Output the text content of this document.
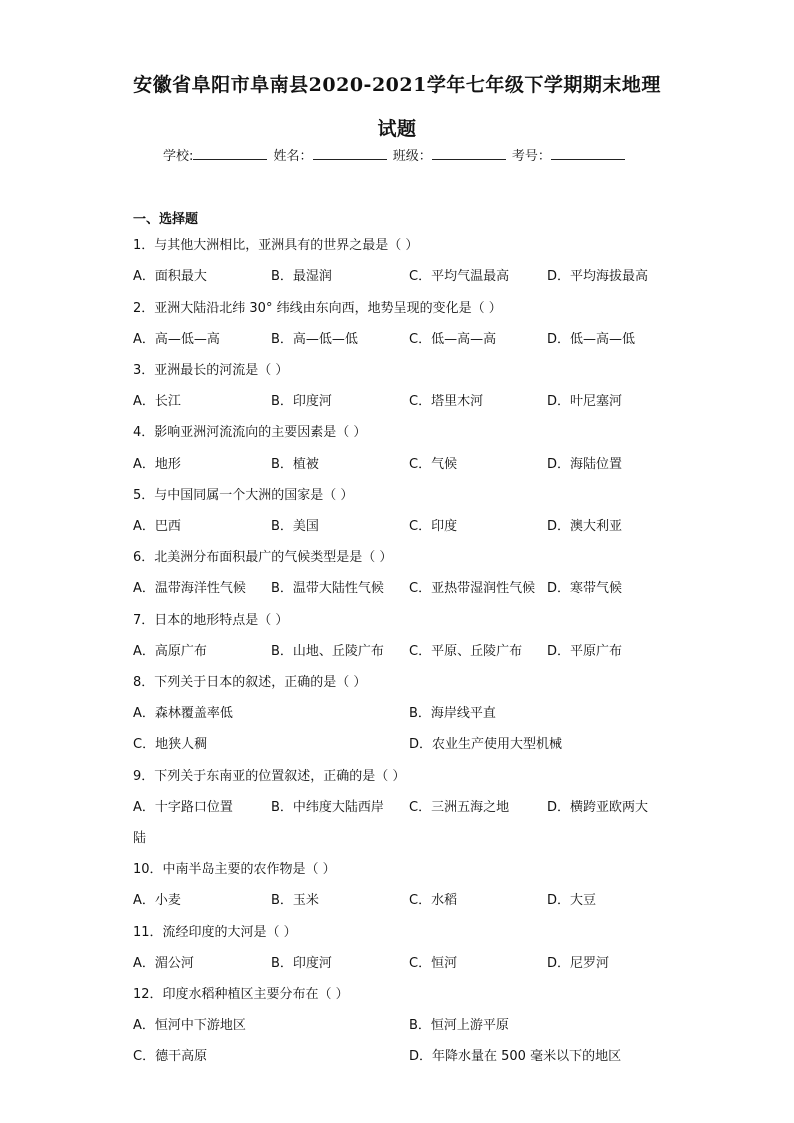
安徽省阜阳市阜南县2020-2021学年七年级下学期期末地理
试题
学校:	姓名：	班级：	考号：
一、选择题
1．与其他大洲相比，亚洲具有的世界之最是（ ）
A．面积最大	B．最湿润	C．平均气温最高	D．平均海拔最高
2．亚洲大陆沿北纬 30° 纬线由东向西，地势呈现的变化是（ ）
A．高—低—高	B．高—低—低	C．低—高—高	D．低—高—低
3．亚洲最长的河流是（ ）
A．长江	B．印度河	C．塔里木河	D．叶尼塞河
4．影响亚洲河流流向的主要因素是（ ）
A．地形	B．植被	C．气候	D．海陆位置
5．与中国同属一个大洲的国家是（ ）
A．巴西	B．美国	C．印度	D．澳大利亚
6．北美洲分布面积最广的气候类型是是（ ）
A．温带海洋性气候 B．温带大陆性气候 C．亚热带湿润性气候 D．寒带气候
7．日本的地形特点是（ ）
A．高原广布	B．山地、丘陵广布 C．平原、丘陵广布 D．平原广布
8．下列关于日本的叙述，正确的是（ ）
A．森林覆盖率低	B．海岸线平直
C．地狭人稠	D．农业生产使用大型机械
9．下列关于东南亚的位置叙述，正确的是（ ）
A．十字路口位置	B．中纬度大陆西岸 C．三洲五海之地	D．横跨亚欧两大
陆
10．中南半岛主要的农作物是（ ）
A．小麦	B．玉米	C．水稻	D．大豆
11．流经印度的大河是（ ）
A．湄公河	B．印度河	C．恒河	D．尼罗河
12．印度水稻种植区主要分布在（ ）
A．恒河中下游地区	B．恒河上游平原
C．德干高原	D．年降水量在 500 毫米以下的地区
